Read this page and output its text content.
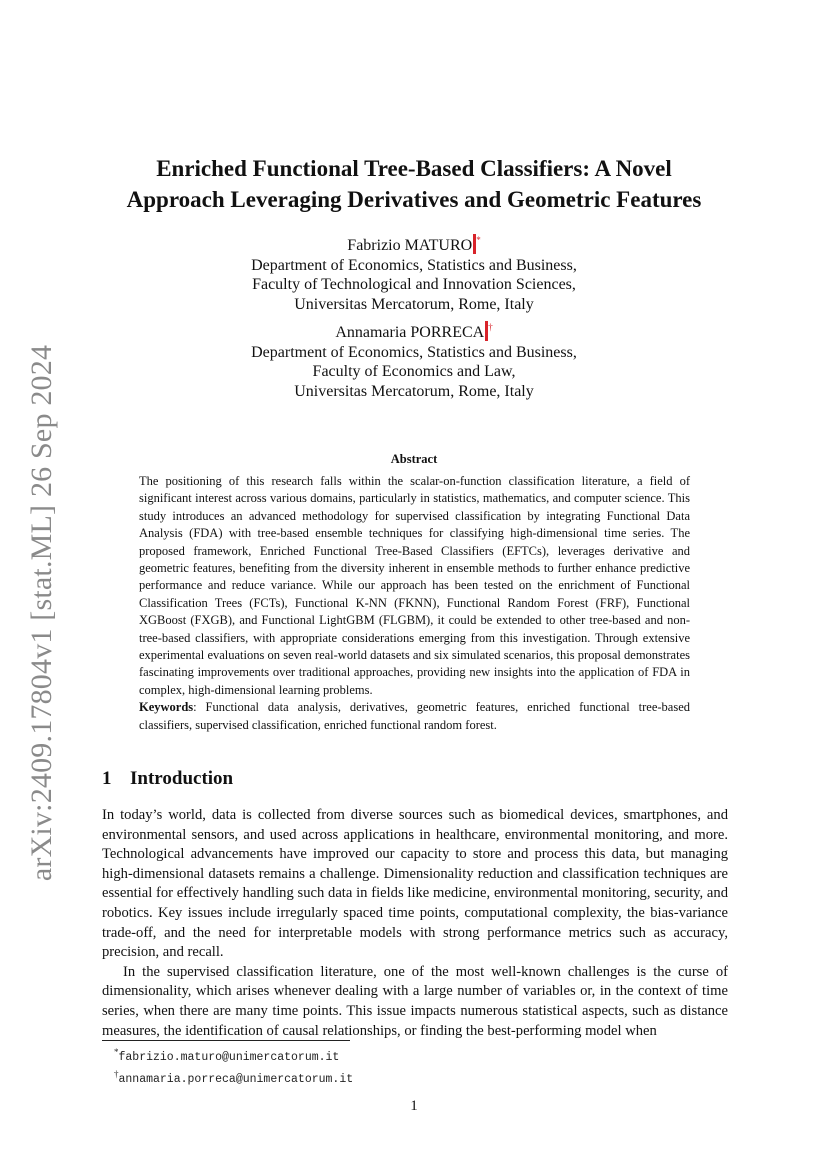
arXiv:2409.17804v1 [stat.ML] 26 Sep 2024
Enriched Functional Tree-Based Classifiers: A Novel
Approach Leveraging Derivatives and Geometric Features
Fabrizio MATURO *
Department of Economics, Statistics and Business,
Faculty of Technological and Innovation Sciences,
Universitas Mercatorum, Rome, Italy
Annamaria PORRECA †
Department of Economics, Statistics and Business,
Faculty of Economics and Law,
Universitas Mercatorum, Rome, Italy
Abstract

The positioning of this research falls within the scalar-on-function classification literature, a field of significant interest across various domains, particularly in statistics, mathematics, and computer science. This study introduces an advanced methodology for supervised classification by integrating Functional Data Analysis (FDA) with tree-based ensemble techniques for classifying high-dimensional time series. The proposed framework, Enriched Functional Tree-Based Classifiers (EFTCs), leverages derivative and geometric features, benefiting from the diversity inherent in ensemble methods to further enhance predictive performance and reduce variance. While our approach has been tested on the enrichment of Functional Classification Trees (FCTs), Functional K-NN (FKNN), Functional Random Forest (FRF), Functional XGBoost (FXGB), and Functional LightGBM (FLGBM), it could be extended to other tree-based and non-tree-based classifiers, with appropriate considerations emerging from this investigation. Through extensive experimental evaluations on seven real-world datasets and six simulated scenarios, this proposal demonstrates fascinating improvements over traditional approaches, providing new insights into the application of FDA in complex, high-dimensional learning problems.

Keywords: Functional data analysis, derivatives, geometric features, enriched functional tree-based classifiers, supervised classification, enriched functional random forest.

1 Introduction

In today’s world, data is collected from diverse sources such as biomedical devices, smartphones, and environmental sensors, and used across applications in healthcare, environmental monitoring, and more. Technological advancements have improved our capacity to store and process this data, but managing high-dimensional datasets remains a challenge. Dimensionality reduction and classification techniques are essential for effectively handling such data in fields like medicine, environmental monitoring, security, and robotics. Key issues include irregularly spaced time points, computational complexity, the bias-variance trade-off, and the need for interpretable models with strong performance metrics such as accuracy, precision, and recall.

In the supervised classification literature, one of the most well-known challenges is the curse of dimensionality, which arises whenever dealing with a large number of variables or, in the context of time series, when there are many time points. This issue impacts numerous statistical aspects, such as distance measures, the identification of causal relationships, or finding the best-performing model when

*fabrizio.maturo@unimercatorum.it
†annamaria.porreca@unimercatorum.it
1
